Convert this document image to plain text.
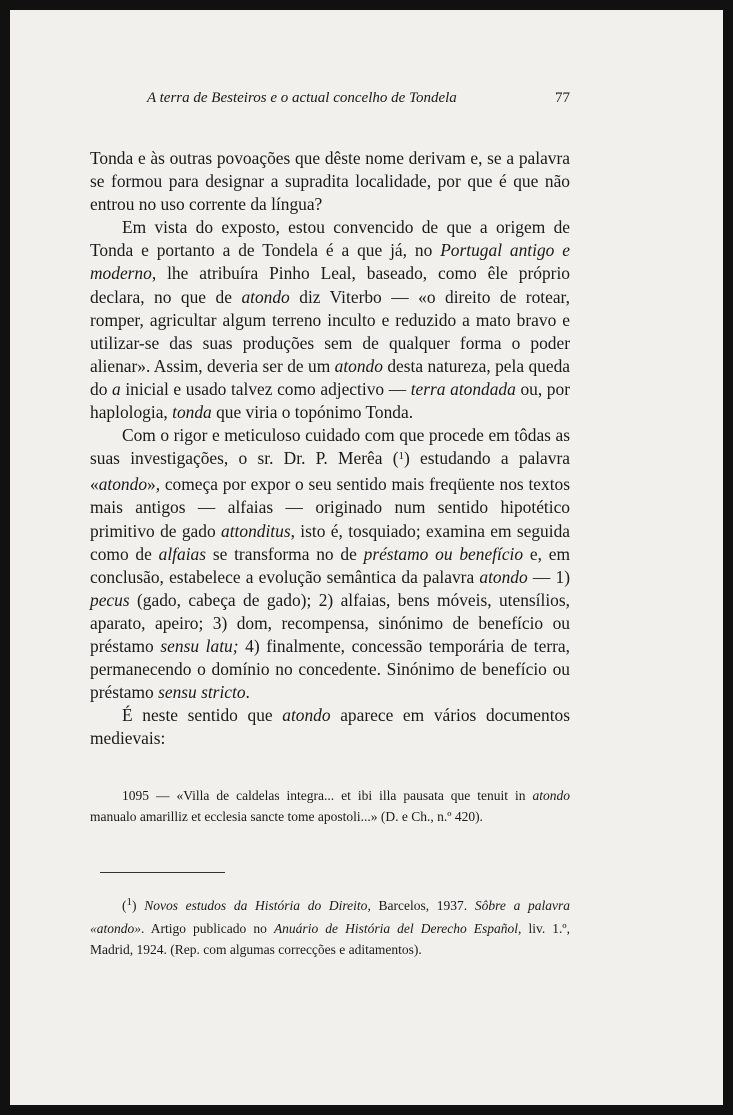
A terra de Besteiros e o actual concelho de Tondela	77

Tonda e às outras povoações que dêste nome derivam e, se a palavra se formou para designar a supradita localidade, por que é que não entrou no uso corrente da língua?

Em vista do exposto, estou convencido de que a origem de Tonda e portanto a de Tondela é a que já, no Portugal antigo e moderno, lhe atribuíra Pinho Leal, baseado, como êle próprio declara, no que de atondo diz Viterbo — «o direito de rotear, romper, agricultar algum terreno inculto e reduzido a mato bravo e utilizar-se das suas produções sem de qualquer forma o poder alienar». Assim, deveria ser de um atondo desta natureza, pela queda do a inicial e usado talvez como adjectivo — terra atondada ou, por haplologia, tonda que viria o topónimo Tonda.

Com o rigor e meticuloso cuidado com que procede em tôdas as suas investigações, o sr. Dr. P. Merêa ($^1$) estudando a palavra «atondo», começa por expor o seu sentido mais freqüente nos textos mais antigos — alfaias — originado num sentido hipotético primitivo de gado attonditus, isto é, tosquiado; examina em seguida como de alfaias se transforma no de préstamo ou benefício e, em conclusão, estabelece a evolução semântica da palavra atondo — 1) pecus (gado, cabeça de gado); 2) alfaias, bens móveis, utensílios, aparato, apeiro; 3) dom, recompensa, sinónimo de benefício ou préstamo sensu latu; 4) finalmente, concessão temporária de terra, permanecendo o domínio no concedente. Sinónimo de benefício ou préstamo sensu stricto.

É neste sentido que atondo aparece em vários documentos medievais:

1095 — «Villa de caldelas integra... et ibi illa pausata que tenuit in atondo manualo amarilliz et ecclesia sancte tome apostoli...» (D. e Ch., n.º 420).

($^1$) Novos estudos da História do Direito, Barcelos, 1937. Sôbre a palavra «atondo». Artigo publicado no Anuário de História del Derecho Español, liv. 1.º, Madrid, 1924. (Rep. com algumas correcções e aditamentos).
